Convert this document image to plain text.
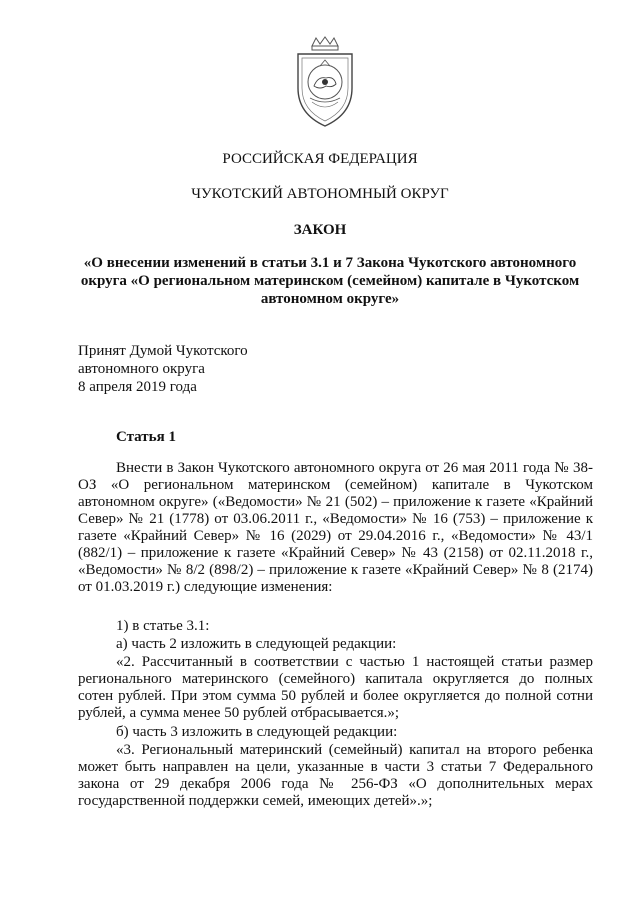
РОССИЙСКАЯ ФЕДЕРАЦИЯ
ЧУКОТСКИЙ АВТОНОМНЫЙ ОКРУГ
ЗАКОН
«О внесении изменений в статьи 3.1 и 7 Закона Чукотского автономного округа «О региональном материнском (семейном) капитале в Чукотском автономном округе»
Принят Думой Чукотского
автономного округа
8 апреля 2019 года
Статья 1
Внести в Закон Чукотского автономного округа от 26 мая 2011 года № 38-ОЗ «О региональном материнском (семейном) капитале в Чукотском автономном округе» («Ведомости» № 21 (502) – приложение к газете «Крайний Север» № 21 (1778) от 03.06.2011 г., «Ведомости» № 16 (753) – приложение к газете «Крайний Север» № 16 (2029) от 29.04.2016 г., «Ведомости» № 43/1 (882/1) – приложение к газете «Крайний Север» № 43 (2158) от 02.11.2018 г., «Ведомости» № 8/2 (898/2) – приложение к газете «Крайний Север» № 8 (2174) от 01.03.2019 г.) следующие изменения:
1) в статье 3.1:
а) часть 2 изложить в следующей редакции:
«2. Рассчитанный в соответствии с частью 1 настоящей статьи размер регионального материнского (семейного) капитала округляется до полных сотен рублей. При этом сумма 50 рублей и более округляется до полной сотни рублей, а сумма менее 50 рублей отбрасывается.»;
б) часть 3 изложить в следующей редакции:
«3. Региональный материнский (семейный) капитал на второго ребенка может быть направлен на цели, указанные в части 3 статьи 7 Федерального закона от 29 декабря 2006 года № 256-ФЗ «О дополнительных мерах государственной поддержки семей, имеющих детей».»;
